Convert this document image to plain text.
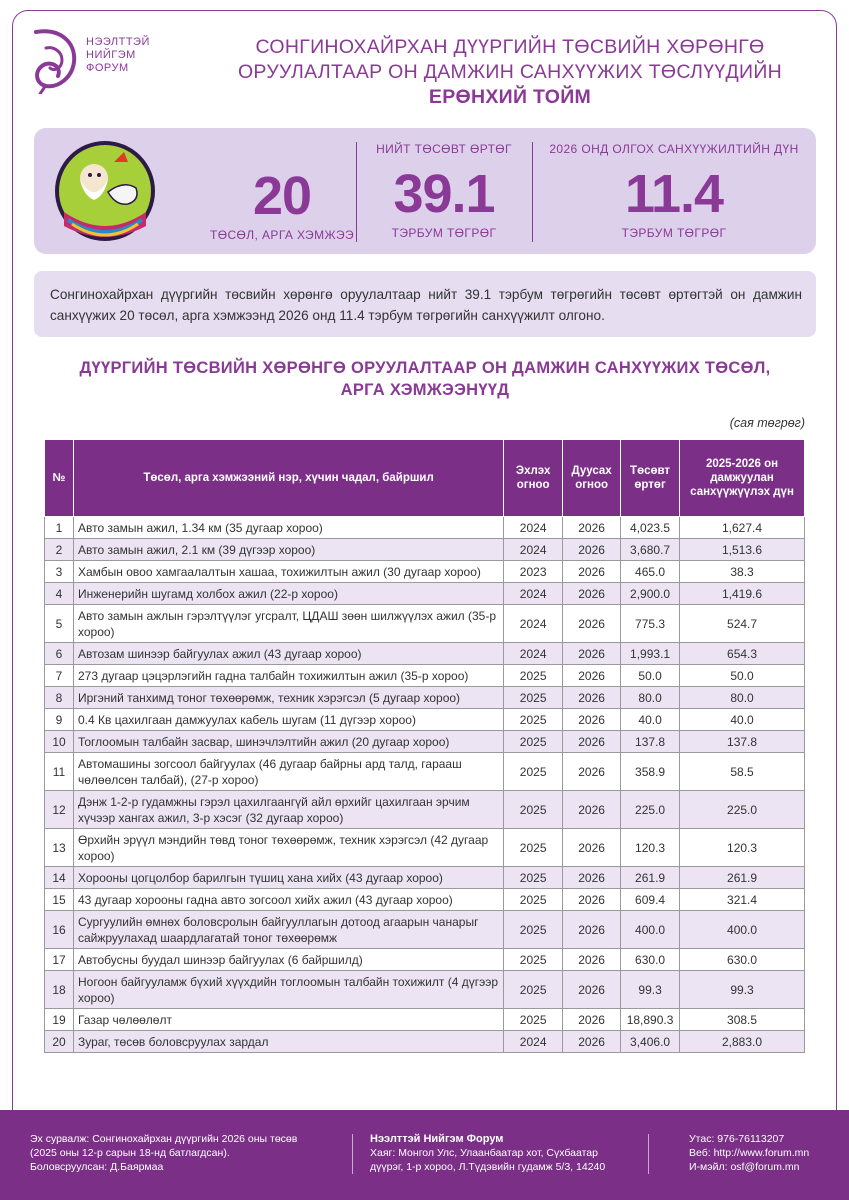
НЭЭЛТТЭЙ
НИЙГЭМ
ФОРУМ
СОНГИНОХАЙРХАН ДҮҮРГИЙН ТӨСВИЙН ХӨРӨНГӨ
ОРУУЛАЛТААР ОН ДАМЖИН САНХҮҮЖИХ ТӨСЛҮҮДИЙН
ЕРӨНХИЙ ТОЙМ
20
ТӨСӨЛ, АРГА ХЭМЖЭЭ
НИЙТ ТӨСӨВТ ӨРТӨГ
39.1
ТЭРБУМ ТӨГРӨГ
2026 ОНД ОЛГОХ САНХҮҮЖИЛТИЙН ДҮН
11.4
ТЭРБУМ ТӨГРӨГ
Сонгинохайрхан дүүргийн төсвийн хөрөнгө оруулалтаар нийт 39.1 тэрбум төгрөгийн төсөвт өртөгтэй он дамжин санхүүжих 20 төсөл, арга хэмжээнд 2026 онд 11.4 тэрбум төгрөгийн санхүүжилт олгоно.
ДҮҮРГИЙН ТӨСВИЙН ХӨРӨНГӨ ОРУУЛАЛТААР ОН ДАМЖИН САНХҮҮЖИХ ТӨСӨЛ,
АРГА ХЭМЖЭЭНҮҮД
(сая төгрөг)
№	Төсөл, арга хэмжээний нэр, хүчин чадал, байршил	Эхлэх огноо	Дуусах огноо	Төсөвт өртөг	2025-2026 он дамжуулан санхүүжүүлэх дүн
1	Авто замын ажил, 1.34 км (35 дугаар хороо)	2024	2026	4,023.5	1,627.4
2	Авто замын ажил, 2.1 км (39 дүгээр хороо)	2024	2026	3,680.7	1,513.6
3	Хамбын овоо хамгаалалтын хашаа, тохижилтын ажил (30 дугаар хороо)	2023	2026	465.0	38.3
4	Инженерийн шугамд холбох ажил (22-р хороо)	2024	2026	2,900.0	1,419.6
5	Авто замын ажлын гэрэлтүүлэг угсралт, ЦДАШ зөөн шилжүүлэх ажил (35-р хороо)	2024	2026	775.3	524.7
6	Автозам шинээр байгуулах ажил (43 дугаар хороо)	2024	2026	1,993.1	654.3
7	273 дугаар цэцэрлэгийн гадна талбайн тохижилтын ажил (35-р хороо)	2025	2026	50.0	50.0
8	Иргэний танхимд тоног төхөөрөмж, техник хэрэгсэл (5 дугаар хороо)	2025	2026	80.0	80.0
9	0.4 Кв цахилгаан дамжуулах кабель шугам (11 дүгээр хороо)	2025	2026	40.0	40.0
10	Тоглоомын талбайн засвар, шинэчлэлтийн ажил (20 дугаар хороо)	2025	2026	137.8	137.8
11	Автомашины зогсоол байгуулах (46 дугаар байрны ард талд, гарааш чөлөөлсөн талбай), (27-р хороо)	2025	2026	358.9	58.5
12	Дэнж 1-2-р гудамжны гэрэл цахилгаангүй айл өрхийг цахилгаан эрчим хүчээр хангах ажил, 3-р хэсэг (32 дугаар хороо)	2025	2026	225.0	225.0
13	Өрхийн эрүүл мэндийн төвд тоног төхөөрөмж, техник хэрэгсэл (42 дугаар хороо)	2025	2026	120.3	120.3
14	Хорооны цогцолбор барилгын түшиц хана хийх (43 дугаар хороо)	2025	2026	261.9	261.9
15	43 дугаар хорооны гадна авто зогсоол хийх ажил (43 дугаар хороо)	2025	2026	609.4	321.4
16	Сургуулийн өмнөх боловсролын байгууллагын дотоод агаарын чанарыг сайжруулахад шаардлагатай тоног төхөөрөмж	2025	2026	400.0	400.0
17	Автобусны буудал шинээр байгуулах (6 байршилд)	2025	2026	630.0	630.0
18	Ногоон байгууламж бүхий хүүхдийн тоглоомын талбайн тохижилт (4 дүгээр хороо)	2025	2026	99.3	99.3
19	Газар чөлөөлөлт	2025	2026	18,890.3	308.5
20	Зураг, төсөв боловсруулах зардал	2024	2026	3,406.0	2,883.0
Эх сурвалж: Сонгинохайрхан дүүргийн 2026 оны төсөв
(2025 оны 12-р сарын 18-нд батлагдсан).
Боловсруулсан: Д.Баярмаа
Нээлттэй Нийгэм Форум
Хаяг: Монгол Улс, Улаанбаатар хот, Сүхбаатар
дүүрэг, 1-р хороо, Л.Түдэвийн гудамж 5/3, 14240
Утас: 976-76113207
Веб: http://www.forum.mn
И-мэйл: osf@forum.mn
